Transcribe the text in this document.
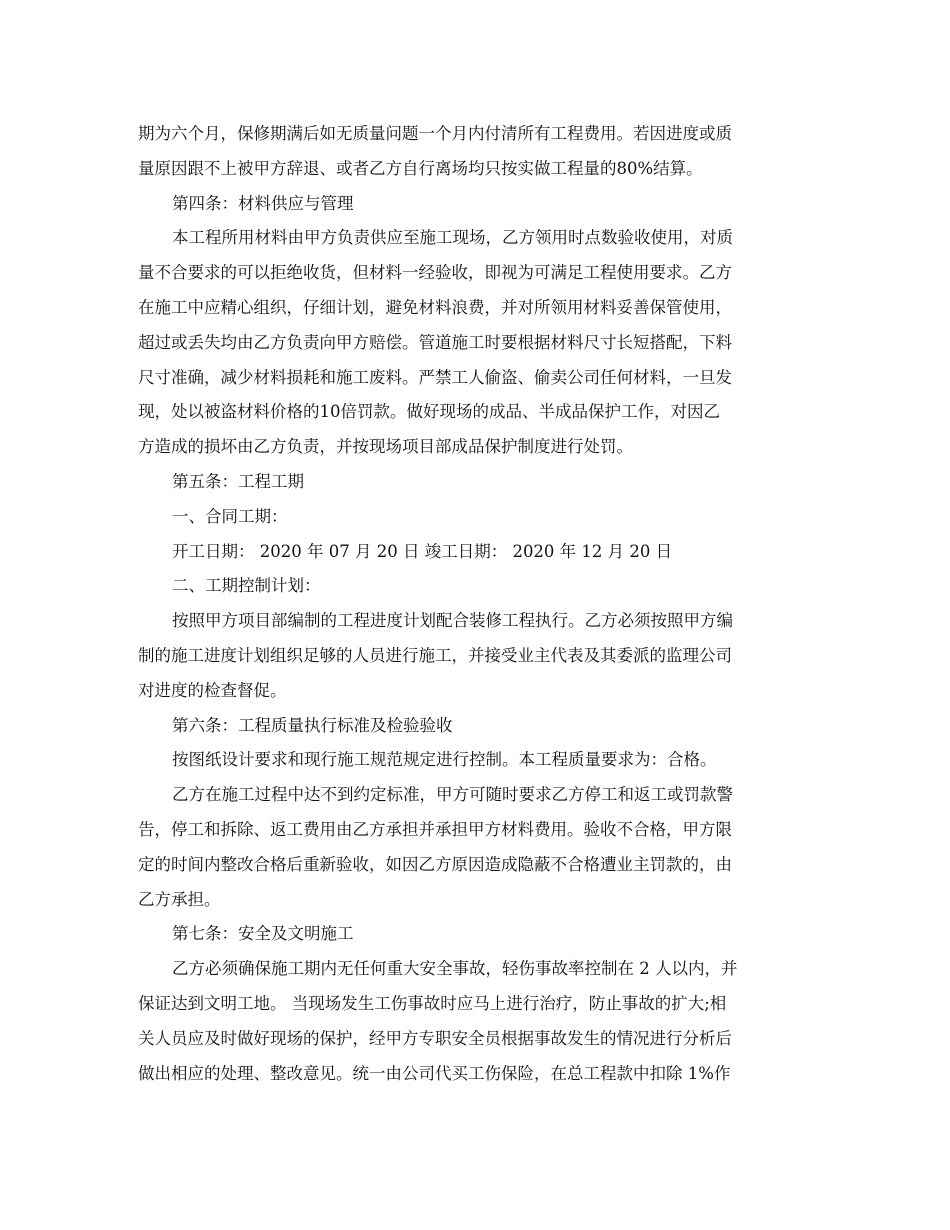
期为六个月，保修期满后如无质量问题一个月内付清所有工程费用。若因进度或质
量原因跟不上被甲方辞退、或者乙方自行离场均只按实做工程量的80%结算。
第四条：材料供应与管理
本工程所用材料由甲方负责供应至施工现场，乙方领用时点数验收使用，对质
量不合要求的可以拒绝收货，但材料一经验收，即视为可满足工程使用要求。乙方
在施工中应精心组织，仔细计划，避免材料浪费，并对所领用材料妥善保管使用，
超过或丢失均由乙方负责向甲方赔偿。管道施工时要根据材料尺寸长短搭配，下料
尺寸准确，减少材料损耗和施工废料。严禁工人偷盗、偷卖公司任何材料，一旦发
现，处以被盗材料价格的10倍罚款。做好现场的成品、半成品保护工作，对因乙
方造成的损坏由乙方负责，并按现场项目部成品保护制度进行处罚。
第五条：工程工期
一、合同工期：
开工日期： 2020 年 07 月 20 日 竣工日期： 2020 年 12 月 20 日
二、工期控制计划：
按照甲方项目部编制的工程进度计划配合装修工程执行。乙方必须按照甲方编
制的施工进度计划组织足够的人员进行施工，并接受业主代表及其委派的监理公司
对进度的检查督促。
第六条：工程质量执行标准及检验验收
按图纸设计要求和现行施工规范规定进行控制。本工程质量要求为：合格。
乙方在施工过程中达不到约定标准，甲方可随时要求乙方停工和返工或罚款警
告，停工和拆除、返工费用由乙方承担并承担甲方材料费用。验收不合格，甲方限
定的时间内整改合格后重新验收，如因乙方原因造成隐蔽不合格遭业主罚款的，由
乙方承担。
第七条：安全及文明施工
乙方必须确保施工期内无任何重大安全事故，轻伤事故率控制在 2 人以内，并
保证达到文明工地。 当现场发生工伤事故时应马上进行治疗，防止事故的扩大;相
关人员应及时做好现场的保护，经甲方专职安全员根据事故发生的情况进行分析后
做出相应的处理、整改意见。统一由公司代买工伤保险，在总工程款中扣除 1%作
